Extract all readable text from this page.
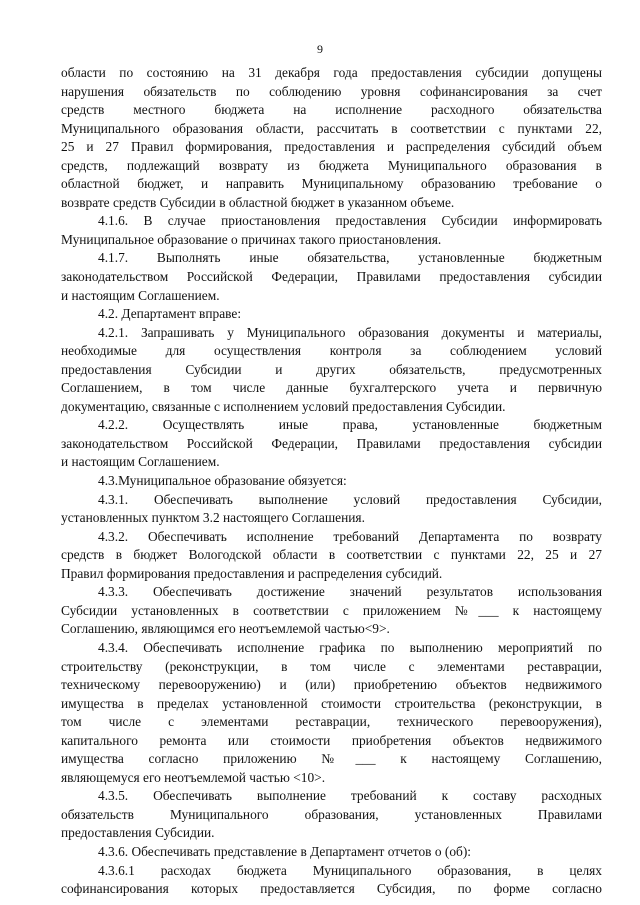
9
области по состоянию на 31 декабря года предоставления субсидии допущены
нарушения обязательств по соблюдению уровня софинансирования за счет
средств местного бюджета на исполнение расходного обязательства
Муниципального образования области, рассчитать в соответствии с пунктами 22,
25 и 27 Правил формирования, предоставления и распределения субсидий объем
средств, подлежащий возврату из бюджета Муниципального образования в
областной бюджет, и направить Муниципальному образованию требование о
возврате средств Субсидии в областной бюджет в указанном объеме.
4.1.6. В случае приостановления предоставления Субсидии информировать
Муниципальное образование о причинах такого приостановления.
4.1.7. Выполнять иные обязательства, установленные бюджетным
законодательством Российской Федерации, Правилами предоставления субсидии
и настоящим Соглашением.
4.2. Департамент вправе:
4.2.1. Запрашивать у Муниципального образования документы и материалы,
необходимые для осуществления контроля за соблюдением условий
предоставления Субсидии и других обязательств, предусмотренных
Соглашением, в том числе данные бухгалтерского учета и первичную
документацию, связанные с исполнением условий предоставления Субсидии.
4.2.2. Осуществлять иные права, установленные бюджетным
законодательством Российской Федерации, Правилами предоставления субсидии
и настоящим Соглашением.
4.3.Муниципальное образование обязуется:
4.3.1. Обеспечивать выполнение условий предоставления Субсидии,
установленных пунктом 3.2 настоящего Соглашения.
4.3.2. Обеспечивать исполнение требований Департамента по возврату
средств в бюджет Вологодской области в соответствии с пунктами 22, 25 и 27
Правил формирования предоставления и распределения субсидий.
4.3.3. Обеспечивать достижение значений результатов использования
Субсидии установленных в соответствии с приложением №___ к настоящему
Соглашению, являющимся его неотъемлемой частью<9>.
4.3.4. Обеспечивать исполнение графика по выполнению мероприятий по
строительству (реконструкции, в том числе с элементами реставрации,
техническому перевооружению) и (или) приобретению объектов недвижимого
имущества в пределах установленной стоимости строительства (реконструкции, в
том числе с элементами реставрации, технического перевооружения),
капитального ремонта или стоимости приобретения объектов недвижимого
имущества согласно приложению №___ к настоящему Соглашению,
являющемуся его неотъемлемой частью <10>.
4.3.5. Обеспечивать выполнение требований к составу расходных
обязательств Муниципального образования, установленных Правилами
предоставления Субсидии.
4.3.6. Обеспечивать представление в Департамент отчетов о (об):
4.3.6.1 расходах бюджета Муниципального образования, в целях
софинансирования которых предоставляется Субсидия, по форме согласно
